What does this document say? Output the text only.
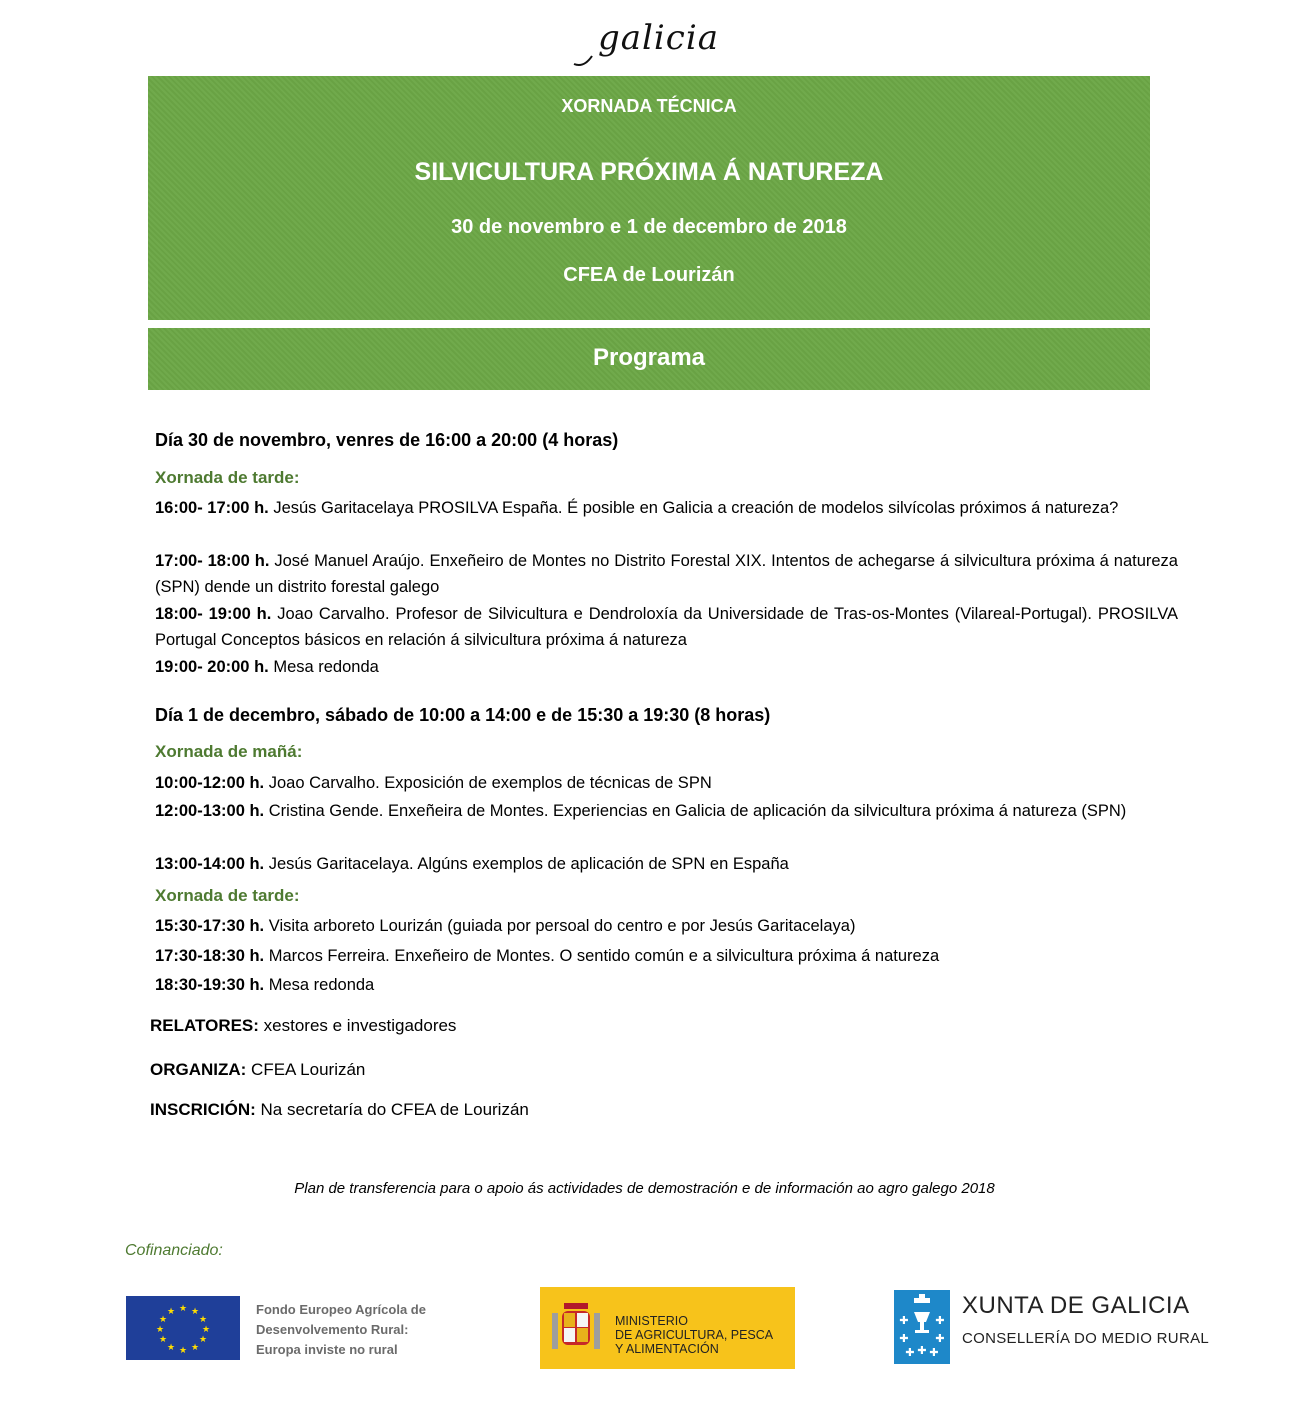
galicia
XORNADA TÉCNICA
SILVICULTURA PRÓXIMA Á NATUREZA
30 de novembro e 1 de decembro de 2018
CFEA de Lourizán
Programa
Día 30 de novembro, venres de 16:00 a 20:00 (4 horas)
Xornada de tarde:
16:00- 17:00 h. Jesús Garitacelaya PROSILVA España. É posible en Galicia a creación de modelos silvícolas próximos á natureza?
17:00- 18:00 h. José Manuel Araújo. Enxeñeiro de Montes no Distrito Forestal XIX. Intentos de achegarse á silvicultura próxima á natureza (SPN) dende un distrito forestal galego
18:00- 19:00 h. Joao Carvalho. Profesor de Silvicultura e Dendroloxía da Universidade de Tras-os-Montes (Vilareal-Portugal). PROSILVA Portugal Conceptos básicos en relación á silvicultura próxima á natureza
19:00- 20:00 h. Mesa redonda
Día 1 de decembro, sábado de 10:00 a 14:00 e de 15:30 a 19:30 (8 horas)
Xornada de mañá:
10:00-12:00 h. Joao Carvalho. Exposición de exemplos de técnicas de SPN
12:00-13:00 h. Cristina Gende. Enxeñeira de Montes. Experiencias en Galicia de aplicación da silvicultura próxima á natureza (SPN)
13:00-14:00 h. Jesús Garitacelaya. Algúns exemplos de aplicación de SPN en España
Xornada de tarde:
15:30-17:30 h. Visita arboreto Lourizán (guiada por persoal do centro e por Jesús Garitacelaya)
17:30-18:30 h. Marcos Ferreira. Enxeñeiro de Montes. O sentido común e a silvicultura próxima á natureza
18:30-19:30 h. Mesa redonda
RELATORES: xestores e investigadores
ORGANIZA: CFEA Lourizán
INSCRICIÓN: Na secretaría do CFEA de Lourizán
Plan de transferencia para o apoio ás actividades de demostración e de información ao agro galego 2018
Cofinanciado:
★ ★
★
★
★
★
★
★
★
★
★
★	Fondo Europeo Agrícola de
Desenvolvemento Rural:
Europa inviste no rural
MINISTERIO
DE AGRICULTURA, PESCA
Y ALIMENTACIÓN
✚ ✚
✚ ✚
✚
✚ ✚
XUNTA DE GALICIA
CONSELLERÍA DO MEDIO RURAL
